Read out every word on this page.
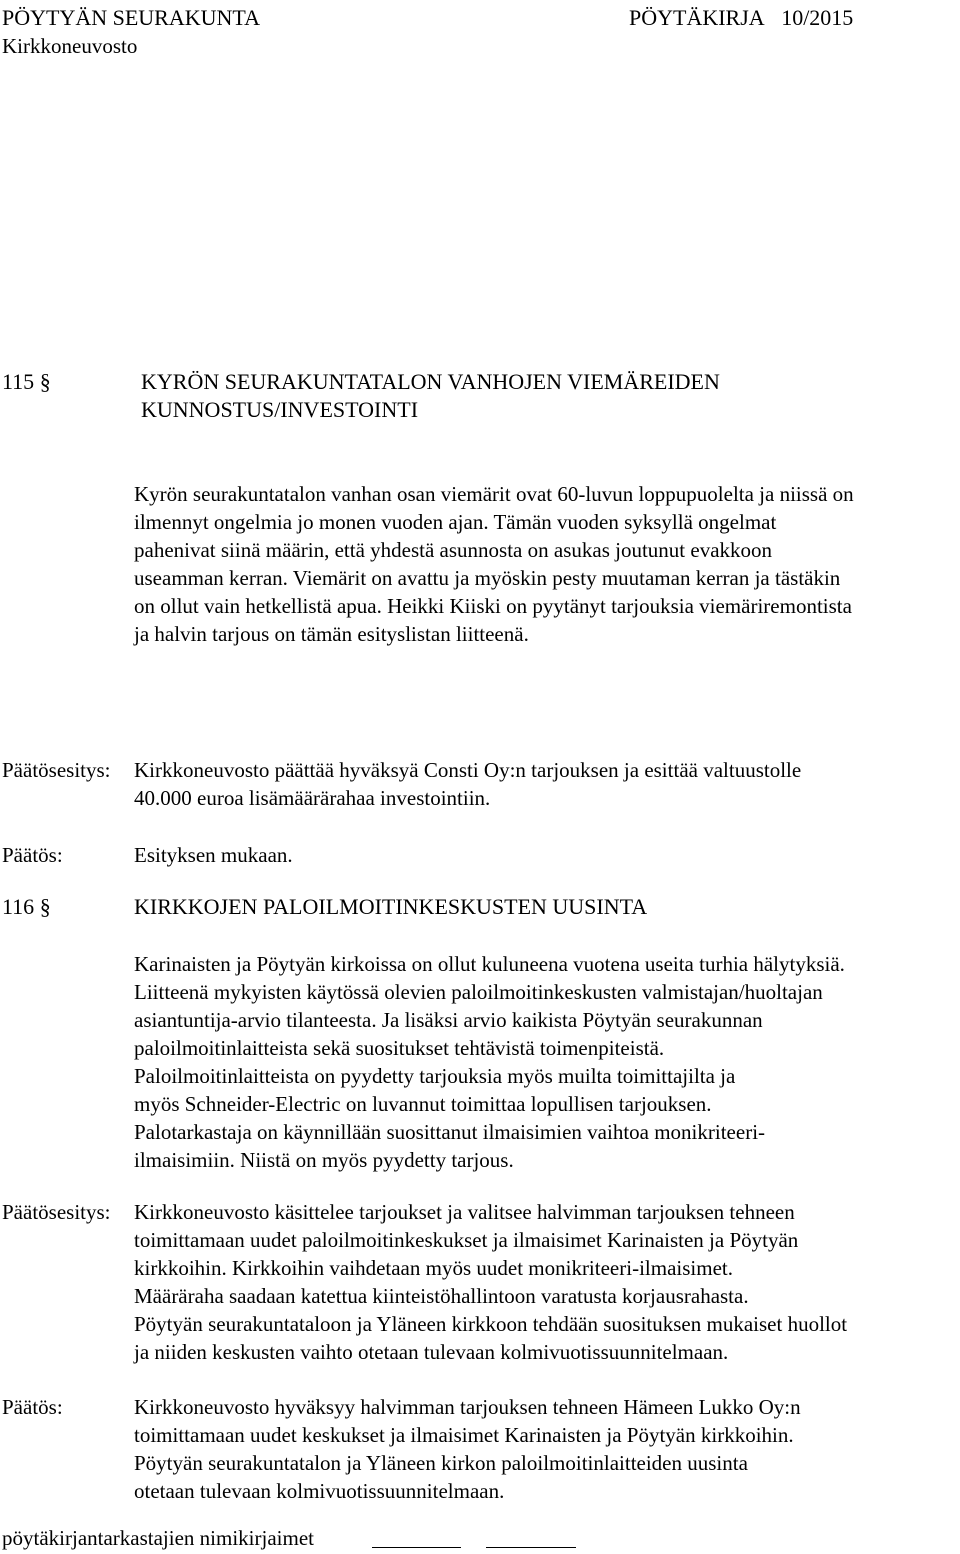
PÖYTYÄN SEURAKUNTA	PÖYTÄKIRJA 10/2015
Kirkkoneuvosto
115 §	KYRÖN SEURAKUNTATALON VANHOJEN VIEMÄREIDEN
KUNNOSTUS/INVESTOINTI
Kyrön seurakuntatalon vanhan osan viemärit ovat 60-luvun loppupuolelta ja niissä on
ilmennyt ongelmia jo monen vuoden ajan. Tämän vuoden syksyllä ongelmat
pahenivat siinä määrin, että yhdestä asunnosta on asukas joutunut evakkoon
useamman kerran. Viemärit on avattu ja myöskin pesty muutaman kerran ja tästäkin
on ollut vain hetkellistä apua. Heikki Kiiski on pyytänyt tarjouksia viemäriremontista
ja halvin tarjous on tämän esityslistan liitteenä.
Päätösesitys: Kirkkoneuvosto päättää hyväksyä Consti Oy:n tarjouksen ja esittää valtuustolle
40.000 euroa lisämäärärahaa investointiin.
Päätös:	Esityksen mukaan.
116 §	KIRKKOJEN PALOILMOITINKESKUSTEN UUSINTA
Karinaisten ja Pöytyän kirkoissa on ollut kuluneena vuotena useita turhia hälytyksiä.
Liitteenä mykyisten käytössä olevien paloilmoitinkeskusten valmistajan/huoltajan
asiantuntija-arvio tilanteesta. Ja lisäksi arvio kaikista Pöytyän seurakunnan
paloilmoitinlaitteista sekä suositukset tehtävistä toimenpiteistä.
Paloilmoitinlaitteista on pyydetty tarjouksia myös muilta toimittajilta ja
myös Schneider-Electric on luvannut toimittaa lopullisen tarjouksen.
Palotarkastaja on käynnillään suosittanut ilmaisimien vaihtoa monikriteeri-
ilmaisimiin. Niistä on myös pyydetty tarjous.
Päätösesitys: Kirkkoneuvosto käsittelee tarjoukset ja valitsee halvimman tarjouksen tehneen
toimittamaan uudet paloilmoitinkeskukset ja ilmaisimet Karinaisten ja Pöytyän
kirkkoihin. Kirkkoihin vaihdetaan myös uudet monikriteeri-ilmaisimet.
Määräraha saadaan katettua kiinteistöhallintoon varatusta korjausrahasta.
Pöytyän seurakuntataloon ja Yläneen kirkkoon tehdään suosituksen mukaiset huollot
ja niiden keskusten vaihto otetaan tulevaan kolmivuotissuunnitelmaan.
Päätös:	Kirkkoneuvosto hyväksyy halvimman tarjouksen tehneen Hämeen Lukko Oy:n
toimittamaan uudet keskukset ja ilmaisimet Karinaisten ja Pöytyän kirkkoihin.
Pöytyän seurakuntatalon ja Yläneen kirkon paloilmoitinlaitteiden uusinta
otetaan tulevaan kolmivuotissuunnitelmaan.
pöytäkirjantarkastajien nimikirjaimet
